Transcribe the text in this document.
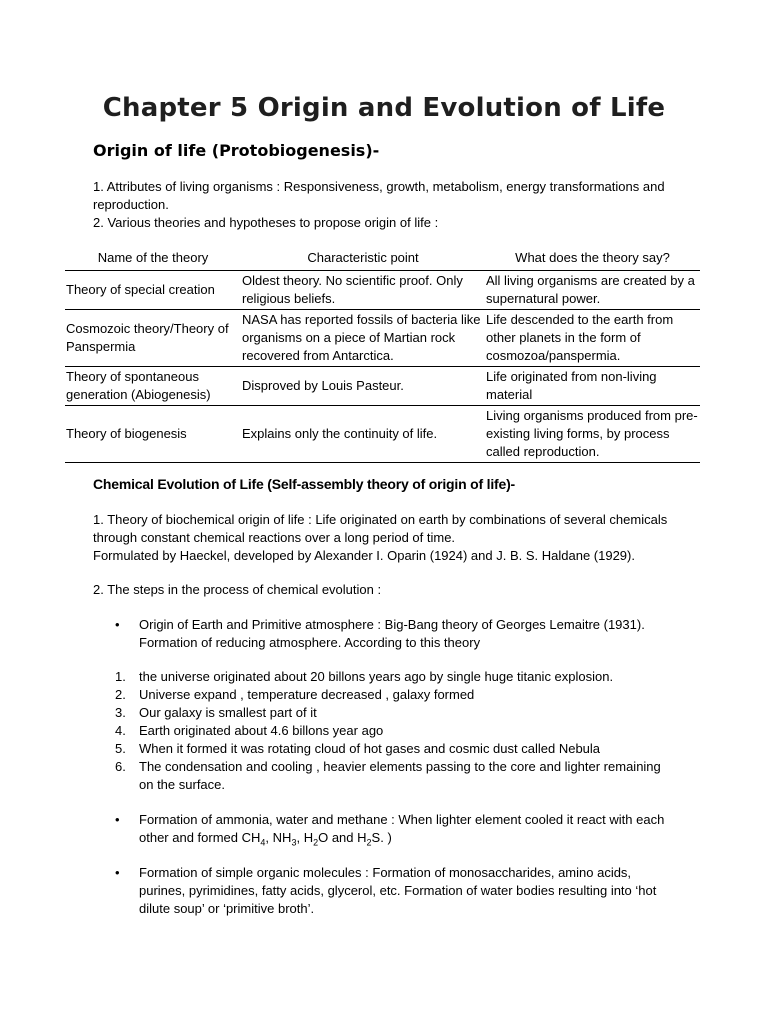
Chapter 5 Origin and Evolution of Life

Origin of life (Protobiogenesis)-

1. Attributes of living organisms : Responsiveness, growth, metabolism, energy transformations and reproduction.
2. Various theories and hypotheses to propose origin of life :
Name of the theory	Characteristic point	What does the theory say?
Theory of special creation	Oldest theory. No scientific proof. Only religious beliefs.	All living organisms are created by a supernatural power.
Cosmozoic theory/Theory of Panspermia	NASA has reported fossils of bacteria like organisms on a piece of Martian rock recovered from Antarctica.	Life descended to the earth from other planets in the form of cosmozoa/panspermia.
Theory of spontaneous generation (Abiogenesis)	Disproved by Louis Pasteur.	Life originated from non-living material
Theory of biogenesis	Explains only the continuity of life.	Living organisms produced from pre-existing living forms, by process called reproduction.

Chemical Evolution of Life (Self-assembly theory of origin of life)-

1. Theory of biochemical origin of life : Life originated on earth by combinations of several chemicals through constant chemical reactions over a long period of time.
Formulated by Haeckel, developed by Alexander I. Oparin (1924) and J. B. S. Haldane (1929).
2. The steps in the process of chemical evolution :
•	Origin of Earth and Primitive atmosphere : Big-Bang theory of Georges Lemaitre (1931). Formation of reducing atmosphere. According to this theory
1. the universe originated about 20 billons years ago by single huge titanic explosion.
2. Universe expand , temperature decreased , galaxy formed
3. Our galaxy is smallest part of it
4. Earth originated about 4.6 billons year ago
5. When it formed it was rotating cloud of hot gases and cosmic dust called Nebula
6. The condensation and cooling , heavier elements passing to the core and lighter remaining on the surface.
•	Formation of ammonia, water and methane : When lighter element cooled it react with each other and formed $CH_4$, $NH_3$, $H_2O$ and $H_2S$. )
•	Formation of simple organic molecules : Formation of monosaccharides, amino acids, purines, pyrimidines, fatty acids, glycerol, etc. Formation of water bodies resulting into ‘hot dilute soup’ or ‘primitive broth’.
